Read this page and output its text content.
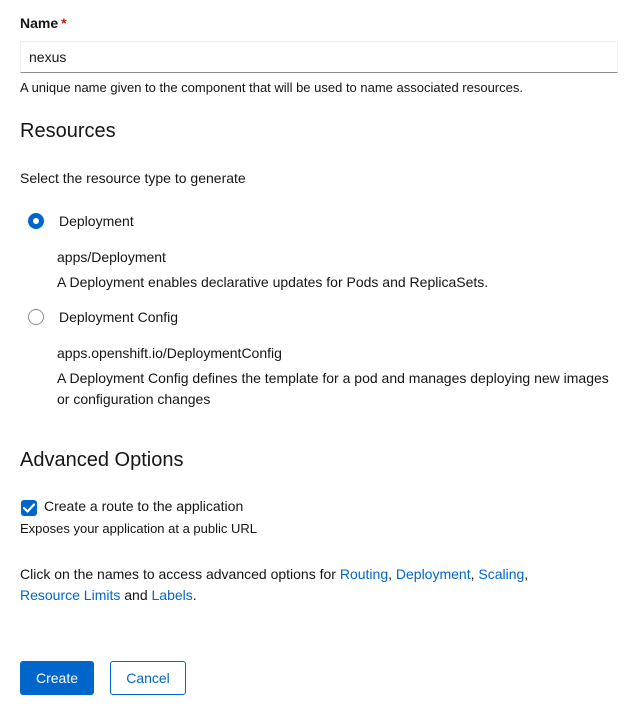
Name *
nexus
A unique name given to the component that will be used to name associated resources.
Resources
Select the resource type to generate
Deployment
apps/Deployment
A Deployment enables declarative updates for Pods and ReplicaSets.
Deployment Config
apps.openshift.io/DeploymentConfig
A Deployment Config defines the template for a pod and manages deploying new images
or configuration changes
Advanced Options
Create a route to the application
Exposes your application at a public URL
Click on the names to access advanced options for Routing, Deployment, Scaling,
Resource Limits and Labels.
Create	Cancel
